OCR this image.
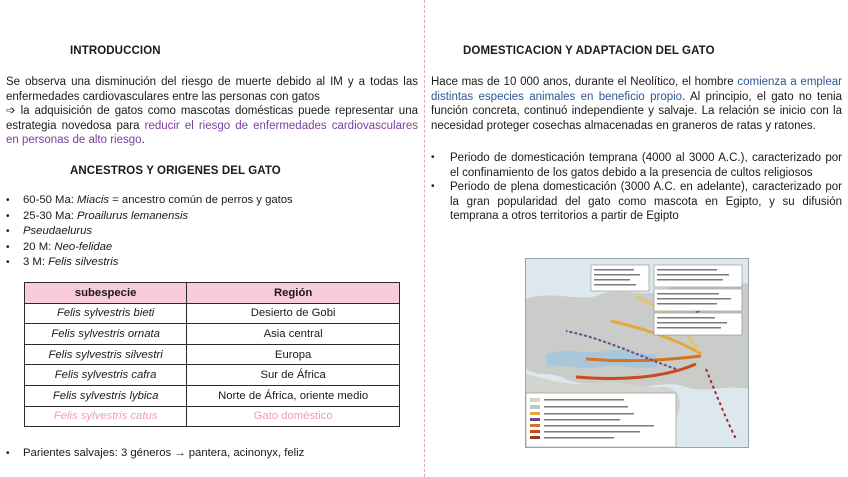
INTRODUCCION
Se observa una disminución del riesgo de muerte debido al IM y a todas las enfermedades cardiovasculares entre las personas con gatos
➩ la adquisición de gatos como mascotas domésticas puede representar una estrategia novedosa para reducir el riesgo de enfermedades cardiovasculares en personas de alto riesgo.
ANCESTROS Y ORIGENES DEL GATO
• 60-50 Ma: Miacis = ancestro común de perros y gatos
• 25-30 Ma: Proailurus lemanensis
• Pseudaelurus
• 20 M: Neo-felidae
• 3 M: Felis silvestris
subespecie	Región
Felis sylvestris bieti	Desierto de Gobi
Felis sylvestris ornata	Asia central
Felis sylvestris silvestri	Europa
Felis sylvestris cafra	Sur de África
Felis sylvestris lybica	Norte de África, oriente medio
Felis sylvestris catus	Gato doméstico
• Parientes salvajes: 3 géneros → pantera, acinonyx, feliz
DOMESTICACION Y ADAPTACION DEL GATO
Hace mas de 10 000 anos, durante el Neolítico, el hombre comienza a emplear distintas especies animales en beneficio propio. Al principio, el gato no tenia función concreta, continuó independiente y salvaje. La relación se inicio con la necesidad proteger cosechas almacenadas en graneros de ratas y ratones.
• Periodo de domesticación temprana (4000 al 3000 A.C.), caracterizado por el confinamiento de los gatos debido a la presencia de cultos religiosos
• Periodo de plena domesticación (3000 A.C. en adelante), caracterizado por la gran popularidad del gato como mascota en Egipto, y su difusión temprana a otros territorios a partir de Egipto
